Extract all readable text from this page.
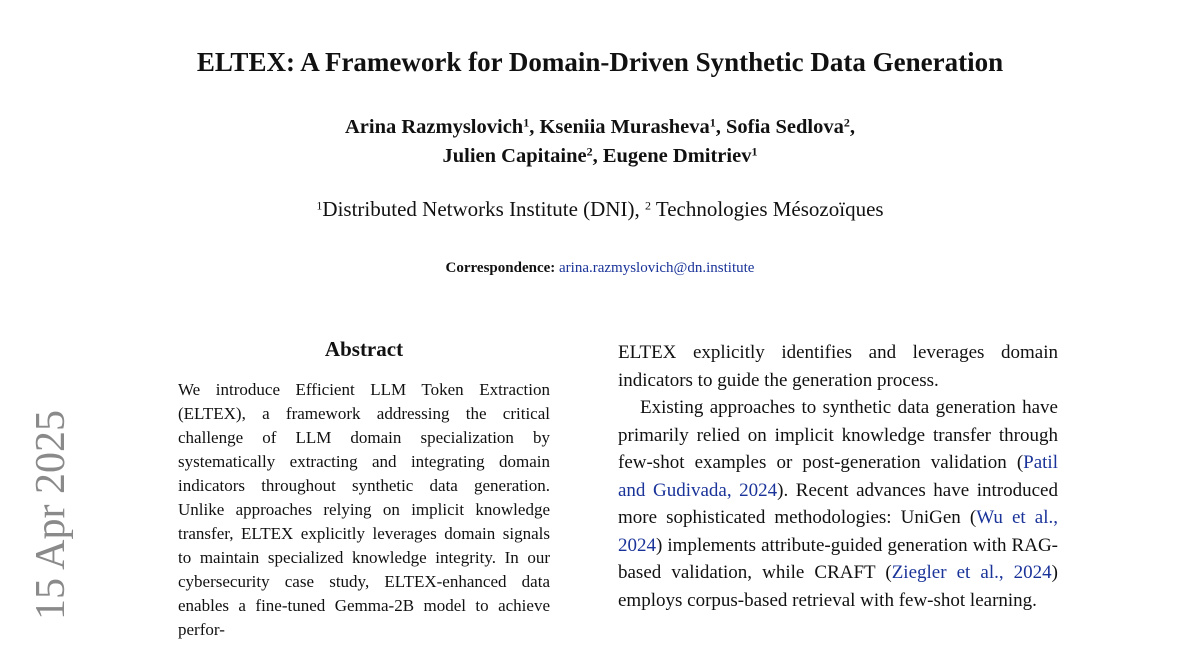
15 Apr 2025
ELTEX: A Framework for Domain-Driven Synthetic Data Generation
Arina Razmyslovich$^1$, Kseniia Murasheva$^1$, Sofia Sedlova$^2$,
Julien Capitaine$^2$, Eugene Dmitriev$^1$
$^1$Distributed Networks Institute (DNI), $^2$ Technologies Mésozoïques
Correspondence: arina.razmyslovich@dn.institute
Abstract

We introduce Efficient LLM Token Extraction (ELTEX), a framework addressing the critical challenge of LLM domain specialization by systematically extracting and integrating domain indicators throughout synthetic data generation. Unlike approaches relying on implicit knowledge transfer, ELTEX explicitly leverages domain signals to maintain specialized knowledge integrity. In our cybersecurity case study, ELTEX-enhanced data enables a fine-tuned Gemma-2B model to achieve perfor-

ELTEX explicitly identifies and leverages domain indicators to guide the generation process.

Existing approaches to synthetic data generation have primarily relied on implicit knowledge transfer through few-shot examples or post-generation validation (Patil and Gudivada, 2024). Recent advances have introduced more sophisticated methodologies: UniGen (Wu et al., 2024) implements attribute-guided generation with RAG-based validation, while CRAFT (Ziegler et al., 2024) employs corpus-based retrieval with few-shot learning.
